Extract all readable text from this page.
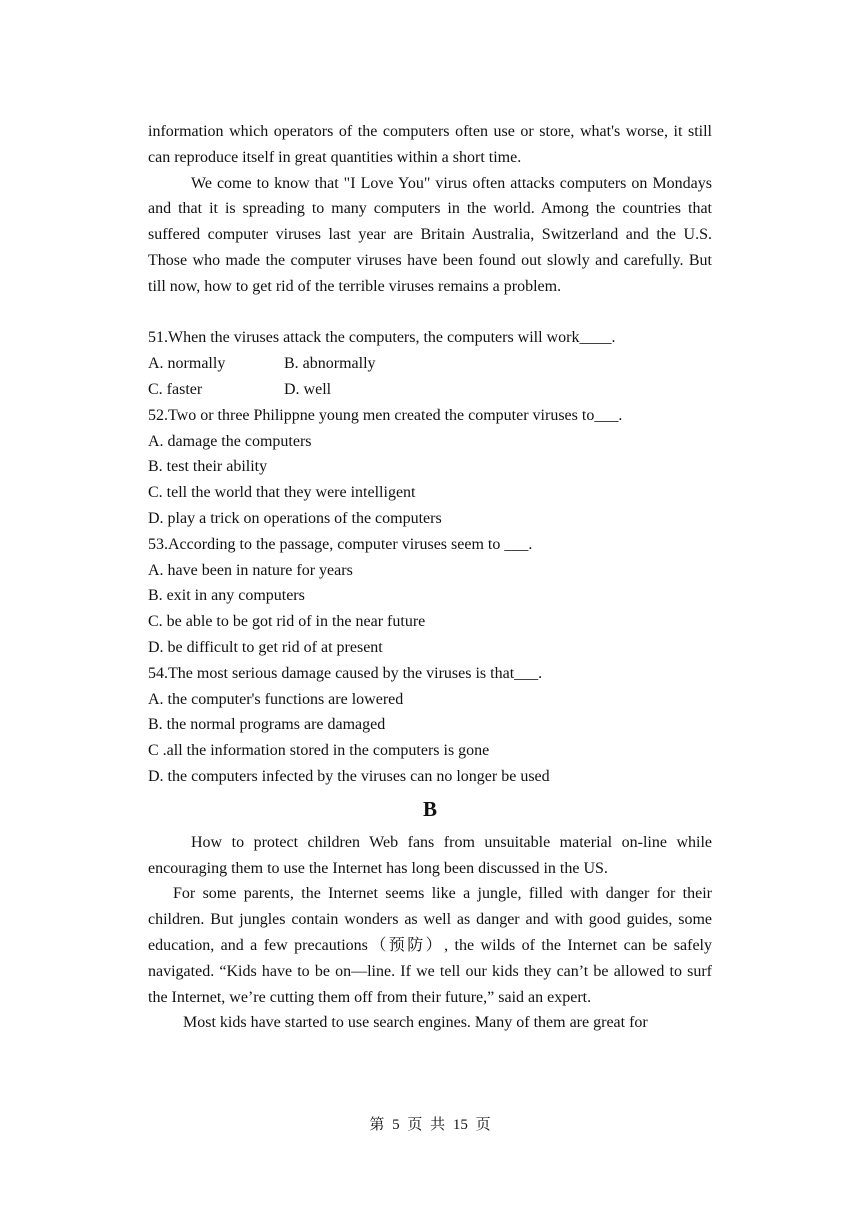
information which operators of the computers often use or store, what's worse, it still can reproduce itself in great quantities within a short time.

We come to know that "I Love You" virus often attacks computers on Mondays and that it is spreading to many computers in the world. Among the countries that suffered computer viruses last year are Britain Australia, Switzerland and the U.S. Those who made the computer viruses have been found out slowly and carefully. But till now, how to get rid of the terrible viruses remains a problem.

51.When the viruses attack the computers, the computers will work____.

A. normally	B. abnormally
C. faster	D. well

52.Two or three Philippne young men created the computer viruses to___.

A. damage the computers

B. test their ability

C. tell the world that they were intelligent

D. play a trick on operations of the computers

53.According to the passage, computer viruses seem to ___.

A. have been in nature for years

B. exit in any computers

C. be able to be got rid of in the near future

D. be difficult to get rid of at present

54.The most serious damage caused by the viruses is that___.

A. the computer's functions are lowered

B. the normal programs are damaged

C .all the information stored in the computers is gone

D. the computers infected by the viruses can no longer be used

B

How to protect children Web fans from unsuitable material on-line while encouraging them to use the Internet has long been discussed in the US.

For some parents, the Internet seems like a jungle, filled with danger for their children. But jungles contain wonders as well as danger and with good guides, some education, and a few precautions（预防）, the wilds of the Internet can be safely navigated. “Kids have to be on—line. If we tell our kids they can’t be allowed to surf the Internet, we’re cutting them off from their future,” said an expert.

Most kids have started to use search engines. Many of them are great for

第 5 页 共 15 页
